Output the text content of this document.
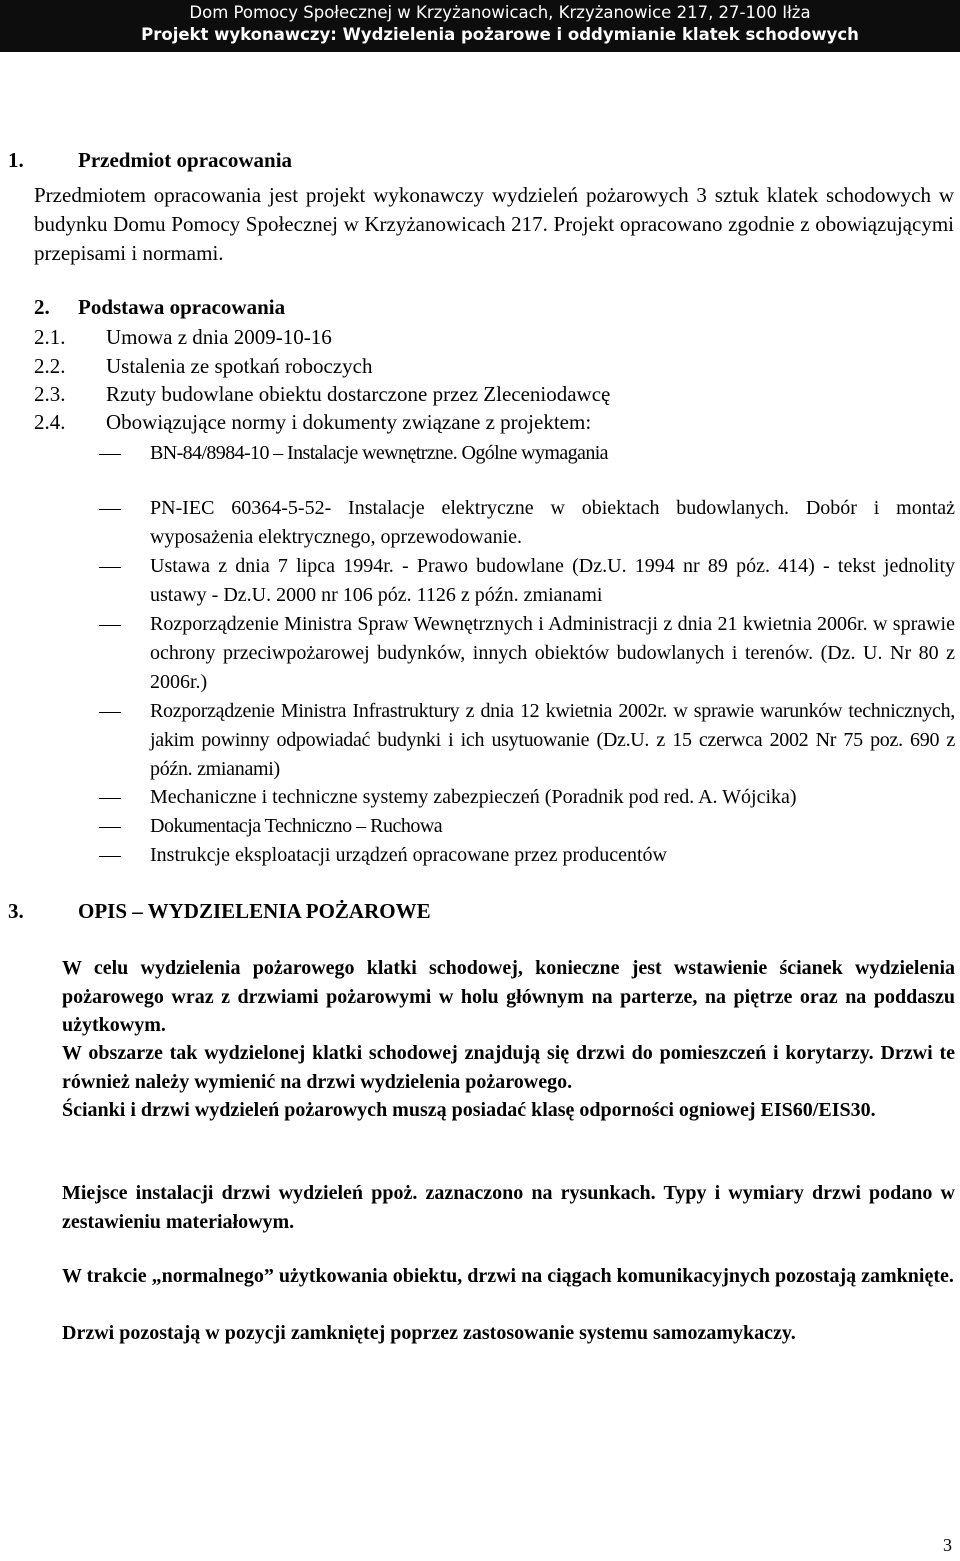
Dom Pomocy Społecznej w Krzyżanowicach, Krzyżanowice 217, 27-100 Iłża
Projekt wykonawczy: Wydzielenia pożarowe i oddymianie klatek schodowych
1.	Przedmiot opracowania
Przedmiotem opracowania jest projekt wykonawczy wydzieleń pożarowych 3 sztuk klatek schodowych w budynku Domu Pomocy Społecznej w Krzyżanowicach 217. Projekt opracowano zgodnie z obowiązującymi przepisami i normami.
2. Podstawa opracowania
2.1. Umowa z dnia 2009-10-16
2.2. Ustalenia ze spotkań roboczych
2.3. Rzuty budowlane obiektu dostarczone przez Zleceniodawcę
2.4. Obowiązujące normy i dokumenty związane z projektem:
BN-84/8984-10 – Instalacje wewnętrzne. Ogólne wymagania
PN-IEC 60364-5-52- Instalacje elektryczne w obiektach budowlanych. Dobór i montaż wyposażenia elektrycznego, oprzewodowanie.
Ustawa z dnia 7 lipca 1994r. - Prawo budowlane (Dz.U. 1994 nr 89 póz. 414) - tekst jednolity ustawy - Dz.U. 2000 nr 106 póz. 1126 z późn. zmianami
Rozporządzenie Ministra Spraw Wewnętrznych i Administracji z dnia 21 kwietnia 2006r. w sprawie ochrony przeciwpożarowej budynków, innych obiektów budowlanych i terenów. (Dz. U. Nr 80 z 2006r.)
Rozporządzenie Ministra Infrastruktury z dnia 12 kwietnia 2002r. w sprawie warunków technicznych, jakim powinny odpowiadać budynki i ich usytuowanie (Dz.U. z 15 czerwca 2002 Nr 75 poz. 690 z późn. zmianami)
Mechaniczne i techniczne systemy zabezpieczeń (Poradnik pod red. A. Wójcika)
Dokumentacja Techniczno – Ruchowa
Instrukcje eksploatacji urządzeń opracowane przez producentów
3.	OPIS – WYDZIELENIA POŻAROWE
W celu wydzielenia pożarowego klatki schodowej, konieczne jest wstawienie ścianek wydzielenia pożarowego wraz z drzwiami pożarowymi w holu głównym na parterze, na piętrze oraz na poddaszu użytkowym.
W obszarze tak wydzielonej klatki schodowej znajdują się drzwi do pomieszczeń i korytarzy. Drzwi te również należy wymienić na drzwi wydzielenia pożarowego.
Ścianki i drzwi wydzieleń pożarowych muszą posiadać klasę odporności ogniowej EIS60/EIS30.
Miejsce instalacji drzwi wydzieleń ppoż. zaznaczono na rysunkach. Typy i wymiary drzwi podano w zestawieniu materiałowym.
W trakcie „normalnego” użytkowania obiektu, drzwi na ciągach komunikacyjnych pozostają zamknięte.
Drzwi pozostają w pozycji zamkniętej poprzez zastosowanie systemu samozamykaczy.
3
